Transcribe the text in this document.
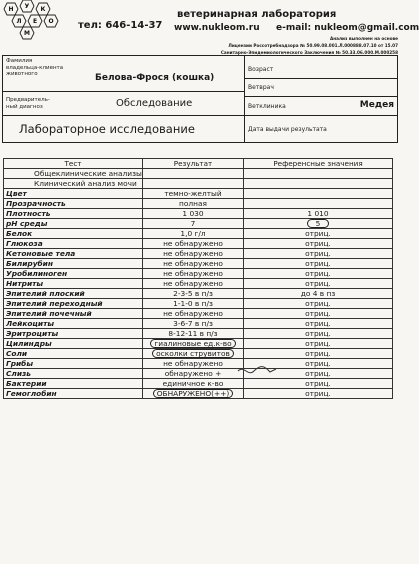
Н У К
Л Е О
М
тел: 646-14-37
ветеринарная лаборатория
www.nukleom.ru e-mail: nukleom@gmail.com
Анализ выполнен на основе
Лицензии Россотребнадзора № 50.99.08.001.Л.000888.07.10 от 15.07
Санитарно-Эпидемиологического Заключения № 50.33.06.000.М.000258
Фамилия владельца-клиента животного	Белова-Фрося (кошка)
Предваритель-ный диагноз	Обследование
Лабораторное исследование
Возраст
Ветврач
Ветклиника	Медея
Дата выдачи результата
Тест	Результат	Референсные значения
Общеклинические анализы		
Клинический анализ мочи		
Цвет	темно-желтый	
Прозрачность	полная	
Плотность	1 030	1 010
pH среды	7	5
Белок	1,0 г/л	отриц.
Глюкоза	не обнаружено	отриц.
Кетоновые тела	не обнаружено	отриц.
Билирубин	не обнаружено	отриц.
Уробилиноген	не обнаружено	отриц.
Нитриты	не обнаружено	отриц.
Эпителий плоский	2-3-5 в п/з	до 4 в пз
Эпителий переходный	1-1-0 в п/з	отриц.
Эпителий почечный	не обнаружено	отриц.
Лейкоциты	3-6-7 в п/з	отриц.
Эритроциты	8-12-11 в п/з	отриц.
Цилиндры	гиалиновые ед.к-во	отриц.
Соли	осколки струвитов	отриц.
Грибы	не обнаружено	отриц.
Слизь	обнаружено +	отриц.
Бактерии	единичное к-во	отриц.
Гемоглобин	ОБНАРУЖЕНО(++)	отриц.
